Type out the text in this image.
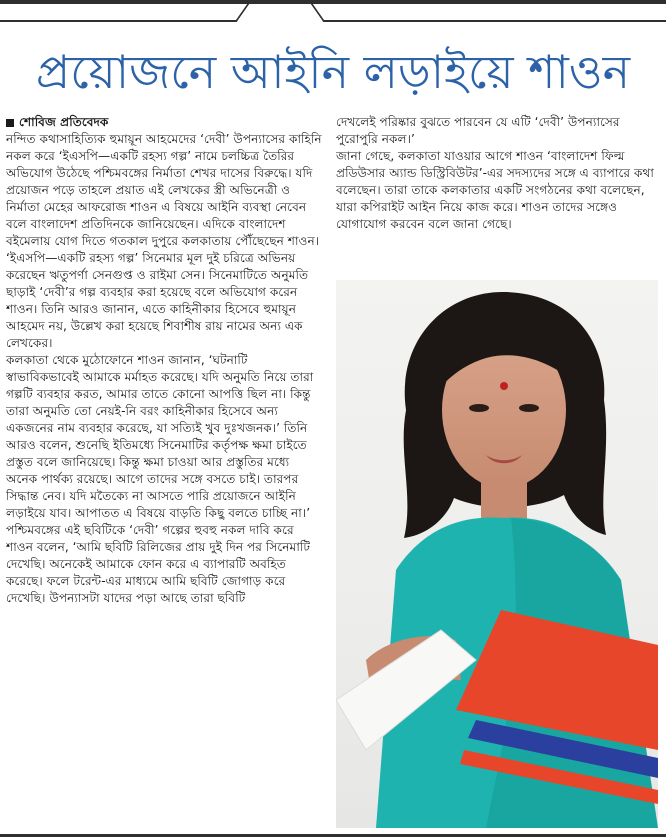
প্রয়োজনে আইনি লড়াইয়ে শাওন
শোবিজ প্রতিবেদক

নন্দিত কথাসাহিত্যিক হুমায়ূন আহমেদের ‘দেবী’ উপন্যাসের কাহিনি নকল করে ‘ইএসপি—একটি রহস্য গল্প’ নামে চলচ্চিত্র তৈরির অভিযোগ উঠেছে পশ্চিমবঙ্গের নির্মাতা শেখর দাসের বিরুদ্ধে। যদি প্রয়োজন পড়ে তাহলে প্রয়াত এই লেখকের স্ত্রী অভিনেত্রী ও নির্মাতা মেহের আফরোজ শাওন এ বিষয়ে আইনি ব্যবস্থা নেবেন বলে বাংলাদেশ প্রতিদিনকে জানিয়েছেন। এদিকে বাংলাদেশ বইমেলায় যোগ দিতে গতকাল দুপুরে কলকাতায় পৌঁছেছেন শাওন।

‘ইএসপি—একটি রহস্য গল্প’ সিনেমার মূল দুই চরিত্রে অভিনয় করেছেন ঋতুপর্ণা সেনগুপ্ত ও রাইমা সেন। সিনেমাটিতে অনুমতি ছাড়াই ‘দেবী’র গল্প ব্যবহার করা হয়েছে বলে অভিযোগ করেন শাওন। তিনি আরও জানান, এতে কাহিনীকার হিসেবে হুমায়ূন আহমেদ নয়, উল্লেখ করা হয়েছে শিবাশীষ রায় নামের অন্য এক লেখকের।

কলকাতা থেকে মুঠোফোনে শাওন জানান, ‘ঘটনাটি স্বাভাবিকভাবেই আমাকে মর্মাহত করেছে। যদি অনুমতি নিয়ে তারা গল্পটি ব্যবহার করত, আমার তাতে কোনো আপত্তি ছিল না। কিন্তু তারা অনুমতি তো নেয়ই-নি বরং কাহিনীকার হিসেবে অন্য একজনের নাম ব্যবহার করেছে, যা সত্যিই খুব দুঃখজনক।’ তিনি আরও বলেন, শুনেছি ইতিমধ্যে সিনেমাটির কর্তৃপক্ষ ক্ষমা চাইতে প্রস্তুত বলে জানিয়েছে। কিন্তু ক্ষমা চাওয়া আর প্রস্তুতির মধ্যে অনেক পার্থক্য রয়েছে। আগে তাদের সঙ্গে বসতে চাই। তারপর সিদ্ধান্ত নেব। যদি মতৈক্যে না আসতে পারি প্রয়োজনে আইনি লড়াইয়ে যাব। আপাতত এ বিষয়ে বাড়তি কিছু বলতে চাচ্ছি না।’

পশ্চিমবঙ্গের এই ছবিটিকে ‘দেবী’ গল্পের হুবহু নকল দাবি করে শাওন বলেন, ‘আমি ছবিটি রিলিজের প্রায় দুই দিন পর সিনেমাটি দেখেছি। অনেকেই আমাকে ফোন করে এ ব্যাপারটি অবহিত করেছে। ফলে টরেন্ট-এর মাধ্যমে আমি ছবিটি জোগাড় করে দেখেছি। উপন্যাসটা যাদের পড়া আছে তারা ছবিটি

দেখলেই পরিষ্কার বুঝতে পারবেন যে এটি ‘দেবী’ উপন্যাসের পুরোপুরি নকল।’

জানা গেছে, কলকাতা যাওয়ার আগে শাওন ‘বাংলাদেশ ফিল্ম প্রডিউসার অ্যান্ড ডিস্ট্রিবিউটর’-এর সদস্যদের সঙ্গে এ ব্যাপারে কথা বলেছেন। তারা তাকে কলকাতার একটি সংগঠনের কথা বলেছেন, যারা কপিরাইট আইন নিয়ে কাজ করে। শাওন তাদের সঙ্গেও যোগাযোগ করবেন বলে জানা গেছে।
